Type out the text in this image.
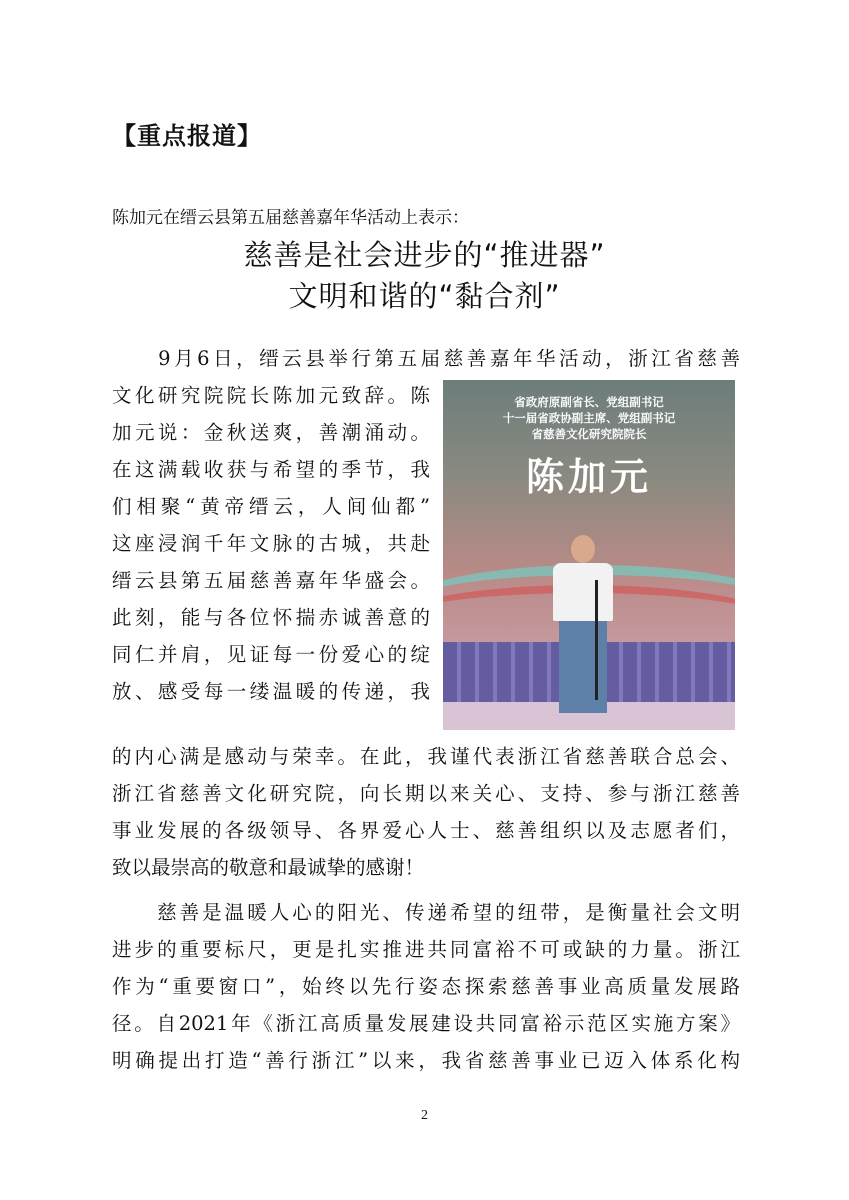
【重点报道】
陈加元在缙云县第五届慈善嘉年华活动上表示：
慈善是社会进步的“推进器”
文明和谐的“黏合剂”
省政府原副省长、党组副书记
十一届省政协副主席、党组副书记
省慈善文化研究院院长
陈加元
　　9月6日，缙云县举行第五届慈善嘉年华活动，浙江省慈善
文化研究院院长陈加元致辞。陈
加元说：金秋送爽，善潮涌动。
在这满载收获与希望的季节，我
们相聚“黄帝缙云，人间仙都”
这座浸润千年文脉的古城，共赴
缙云县第五届慈善嘉年华盛会。
此刻，能与各位怀揣赤诚善意的
同仁并肩，见证每一份爱心的绽
放、感受每一缕温暖的传递，我
的内心满是感动与荣幸。在此，我谨代表浙江省慈善联合总会、
浙江省慈善文化研究院，向长期以来关心、支持、参与浙江慈善
事业发展的各级领导、各界爱心人士、慈善组织以及志愿者们，
致以最崇高的敬意和最诚挚的感谢！
　　慈善是温暖人心的阳光、传递希望的纽带，是衡量社会文明
进步的重要标尺，更是扎实推进共同富裕不可或缺的力量。浙江
作为“重要窗口”，始终以先行姿态探索慈善事业高质量发展路
径。自2021年《浙江高质量发展建设共同富裕示范区实施方案》
明确提出打造“善行浙江”以来，我省慈善事业已迈入体系化构
2
